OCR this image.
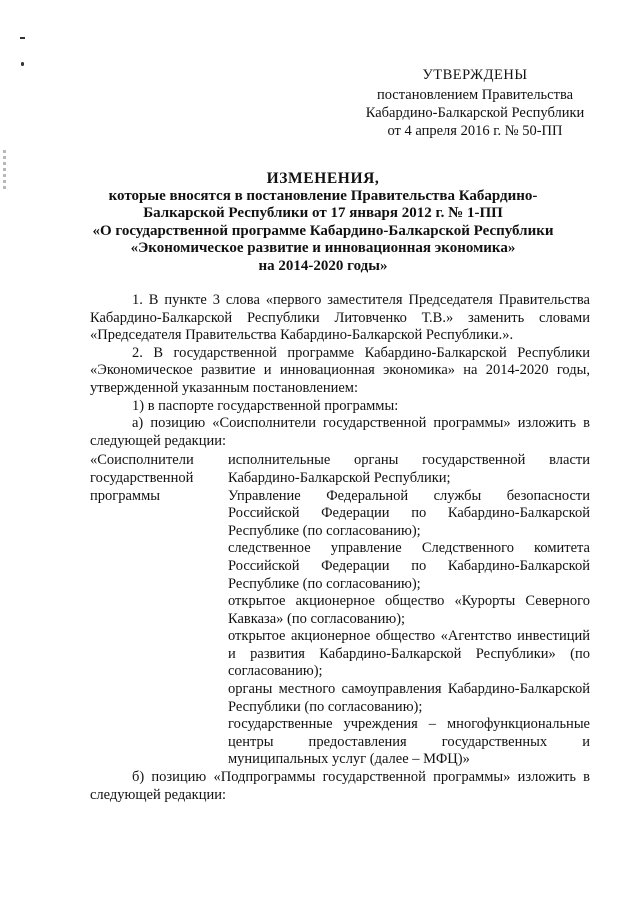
УТВЕРЖДЕНЫ
постановлением Правительства
Кабардино-Балкарской Республики
от 4 апреля 2016 г. № 50-ПП
ИЗМЕНЕНИЯ,
которые вносятся в постановление Правительства Кабардино-
Балкарской Республики от 17 января 2012 г. № 1-ПП
«О государственной программе Кабардино-Балкарской Республики
«Экономическое развитие и инновационная экономика»
на 2014-2020 годы»

1. В пункте 3 слова «первого заместителя Председателя Правительства Кабардино-Балкарской Республики Литовченко Т.В.» заменить словами «Председателя Правительства Кабардино-Балкарской Республики.».

2. В государственной программе Кабардино-Балкарской Республики «Экономическое развитие и инновационная экономика» на 2014-2020 годы, утвержденной указанным постановлением:

1) в паспорте государственной программы:

а) позицию «Соисполнители государственной программы» изложить в следующей редакции:

«Соисполнители государственной программы
исполнительные органы государственной власти Кабардино-Балкарской Республики;
Управление Федеральной службы безопасности Российской Федерации по Кабардино-Балкарской Республике (по согласованию);
следственное управление Следственного комитета Российской Федерации по Кабардино-Балкарской Республике (по согласованию);
открытое акционерное общество «Курорты Северного Кавказа» (по согласованию);
открытое акционерное общество «Агентство инвестиций и развития Кабардино-Балкарской Республики» (по согласованию);
органы местного самоуправления Кабардино-Балкарской Республики (по согласованию);
государственные учреждения – многофункциональные центры предоставления государственных и муниципальных услуг (далее – МФЦ)»

б) позицию «Подпрограммы государственной программы» изложить в следующей редакции:
